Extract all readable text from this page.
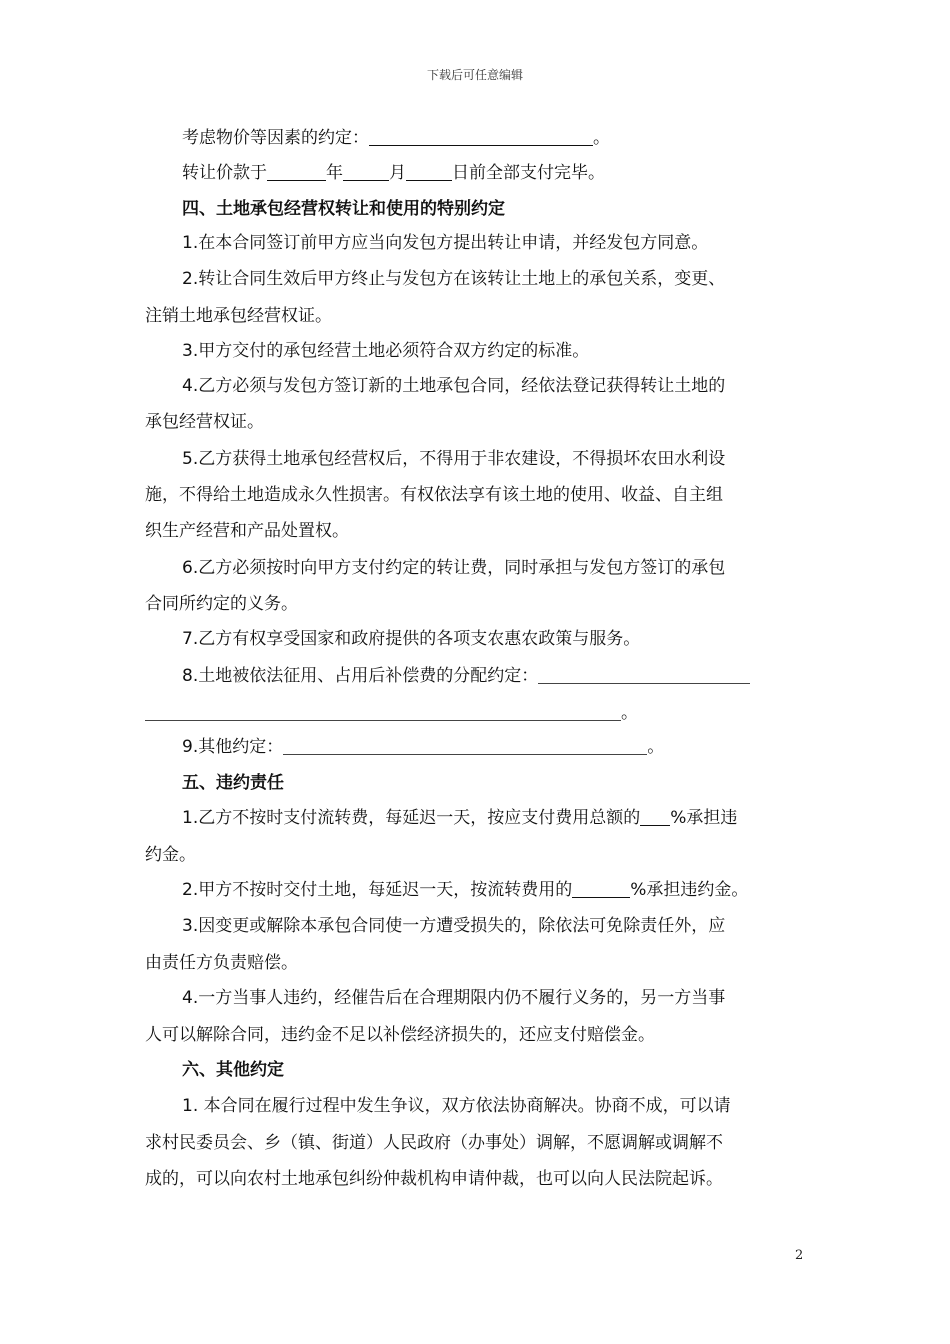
下载后可任意编辑
考虑物价等因素的约定：	。
转让价款于	年	月	日前全部支付完毕。
四、土地承包经营权转让和使用的特别约定
1.在本合同签订前甲方应当向发包方提出转让申请，并经发包方同意。
2.转让合同生效后甲方终止与发包方在该转让土地上的承包关系，变更、
注销土地承包经营权证。
3.甲方交付的承包经营土地必须符合双方约定的标准。
4.乙方必须与发包方签订新的土地承包合同，经依法登记获得转让土地的
承包经营权证。
5.乙方获得土地承包经营权后，不得用于非农建设，不得损坏农田水利设
施，不得给土地造成永久性损害。有权依法享有该土地的使用、收益、自主组
织生产经营和产品处置权。
6.乙方必须按时向甲方支付约定的转让费，同时承担与发包方签订的承包
合同所约定的义务。
7.乙方有权享受国家和政府提供的各项支农惠农政策与服务。
8.土地被依法征用、占用后补偿费的分配约定：
。
9.其他约定：	。
五、违约责任
1.乙方不按时支付流转费，每延迟一天，按应支付费用总额的 %承担违
约金。
2.甲方不按时交付土地，每延迟一天，按流转费用的	%承担违约金。
3.因变更或解除本承包合同使一方遭受损失的，除依法可免除责任外，应
由责任方负责赔偿。
4.一方当事人违约，经催告后在合理期限内仍不履行义务的，另一方当事
人可以解除合同，违约金不足以补偿经济损失的，还应支付赔偿金。
六、其他约定
1. 本合同在履行过程中发生争议，双方依法协商解决。协商不成，可以请
求村民委员会、乡（镇、街道）人民政府（办事处）调解，不愿调解或调解不
成的，可以向农村土地承包纠纷仲裁机构申请仲裁，也可以向人民法院起诉。
2
